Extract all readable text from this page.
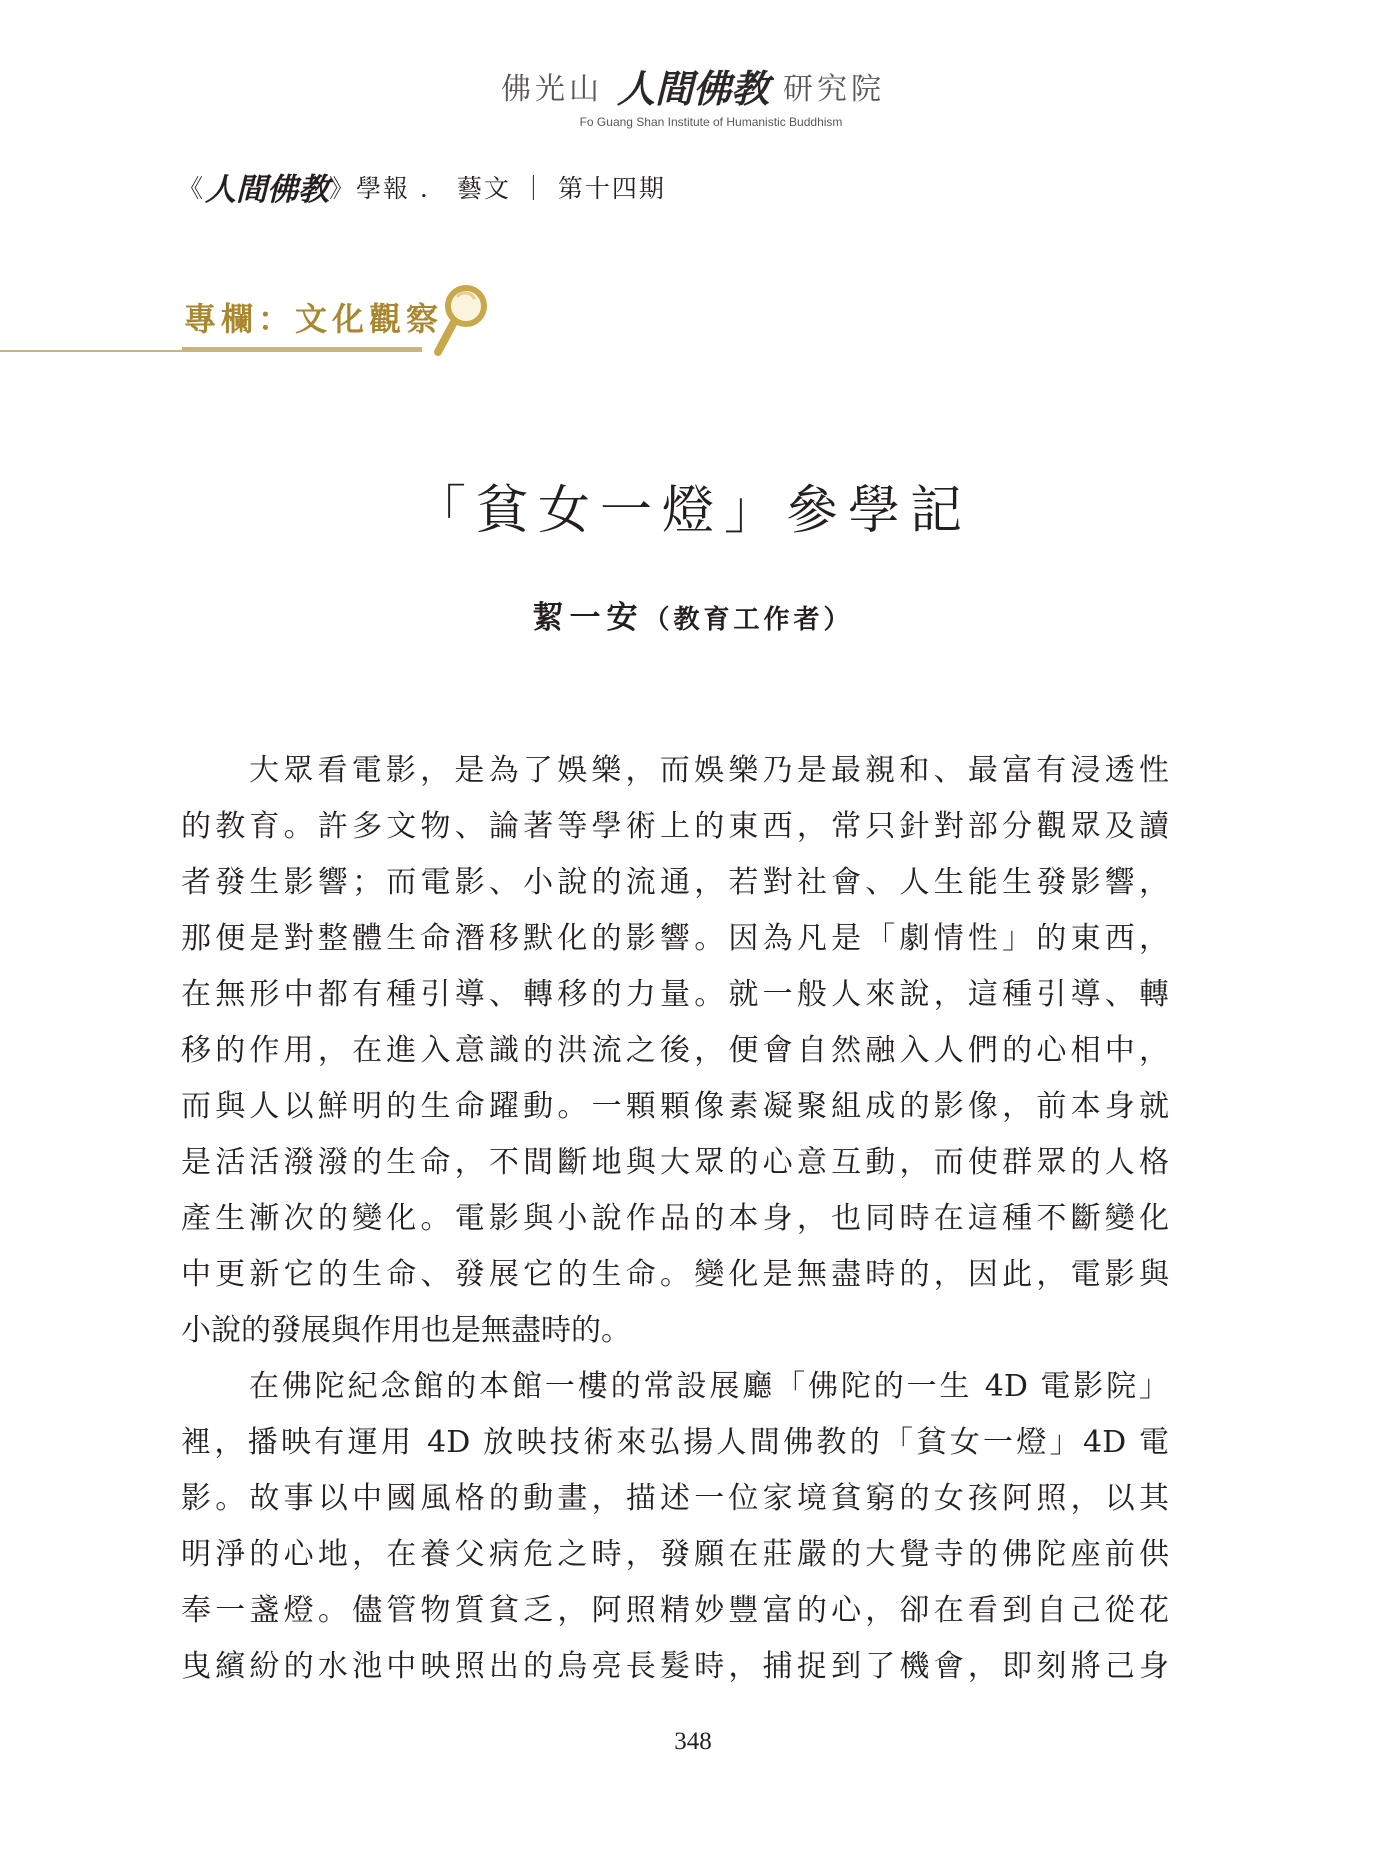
佛光山 人間佛教 研究院
Fo Guang Shan Institute of Humanistic Buddhism
《 人間佛教 》 學報 ． 藝文 ｜ 第十四期
專欄：文化觀察
「貧女一燈」參學記
絜一安（教育工作者）
大眾看電影，是為了娛樂，而娛樂乃是最親和、最富有浸透性
的教育。許多文物、論著等學術上的東西，常只針對部分觀眾及讀
者發生影響；而電影、小說的流通，若對社會、人生能生發影響，
那便是對整體生命潛移默化的影響。因為凡是「劇情性」的東西，
在無形中都有種引導、轉移的力量。就一般人來說，這種引導、轉
移的作用，在進入意識的洪流之後，便會自然融入人們的心相中，
而與人以鮮明的生命躍動。一顆顆像素凝聚組成的影像，前本身就
是活活潑潑的生命，不間斷地與大眾的心意互動，而使群眾的人格
產生漸次的變化。電影與小說作品的本身，也同時在這種不斷變化
中更新它的生命、發展它的生命。變化是無盡時的，因此，電影與
小說的發展與作用也是無盡時的。
在佛陀紀念館的本館一樓的常設展廳「佛陀的一生 4D 電影院」
裡，播映有運用 4D 放映技術來弘揚人間佛教的「貧女一燈」4D 電
影。故事以中國風格的動畫，描述一位家境貧窮的女孩阿照，以其
明淨的心地，在養父病危之時，發願在莊嚴的大覺寺的佛陀座前供
奉一盞燈。儘管物質貧乏，阿照精妙豐富的心，卻在看到自己從花
曳繽紛的水池中映照出的烏亮長髮時，捕捉到了機會，即刻將己身
348
